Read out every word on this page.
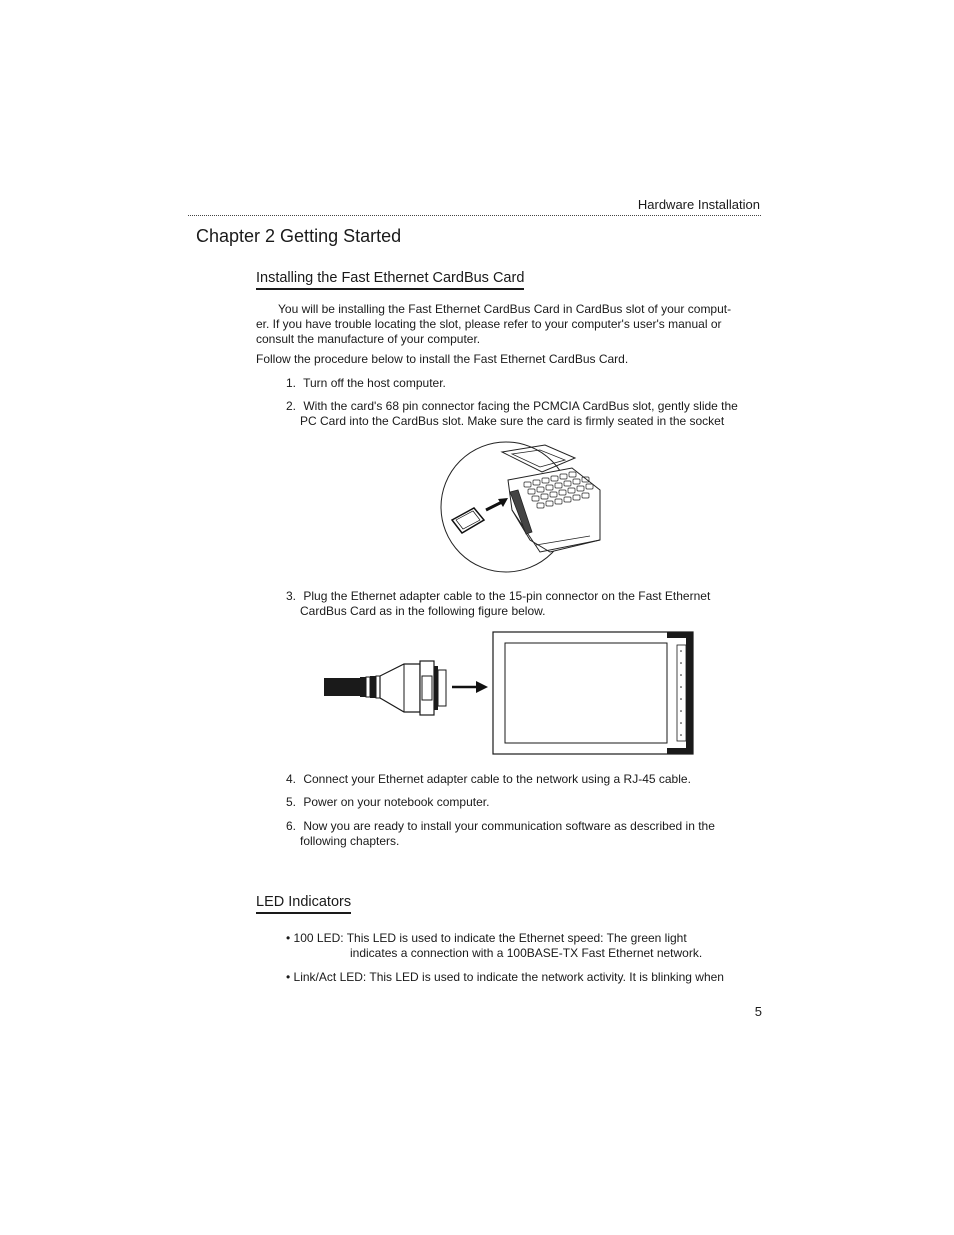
Hardware Installation
Chapter 2 Getting Started
Installing the Fast Ethernet CardBus Card
You will be installing the Fast Ethernet CardBus Card in CardBus slot of your comput-
er. If you have trouble locating the slot, please refer to your computer's user's manual or
consult the manufacture of your computer.
Follow the procedure below to install the Fast Ethernet CardBus Card.
1. Turn off the host computer.
2. With the card's 68 pin connector facing the PCMCIA CardBus slot, gently slide the
PC Card into the CardBus slot. Make sure the card is firmly seated in the socket
3. Plug the Ethernet adapter cable to the 15-pin connector on the Fast Ethernet
CardBus Card as in the following figure below.
4. Connect your Ethernet adapter cable to the network using a RJ-45 cable.
5. Power on your notebook computer.
6. Now you are ready to install your communication software as described in the
following chapters.
LED Indicators
• 100 LED: This LED is used to indicate the Ethernet speed: The green light
indicates a connection with a 100BASE-TX Fast Ethernet network.
• Link/Act LED: This LED is used to indicate the network activity. It is blinking when
5
